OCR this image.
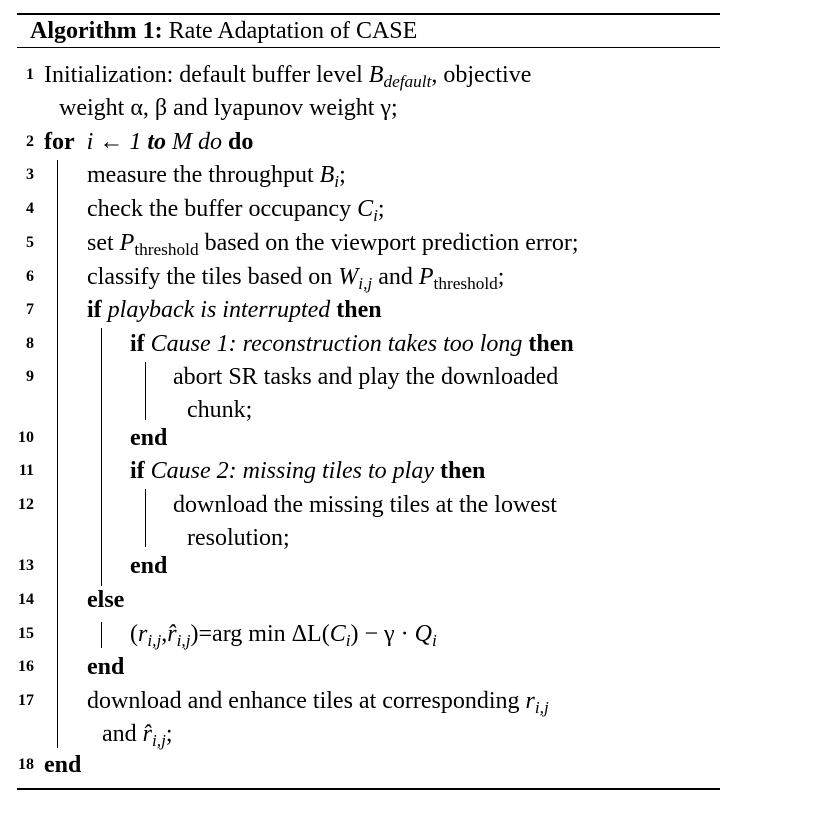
Algorithm 1: Rate Adaptation of CASE
1
2
3
4
5
6
7
8
9
10
11
12
13
14
15
16
17
18
Initialization: default buffer level $B_{default}$, objective
weight α, β and lyapunov weight γ;
for i ← 1 to M do do
measure the throughput $B_i$;
check the buffer occupancy $C_i$;
set $P_{threshold}$ based on the viewport prediction error;
classify the tiles based on $W_{i,j}$ and $P_{threshold}$;
if playback is interrupted then
if Cause 1: reconstruction takes too long then
abort SR tasks and play the downloaded
chunk;
end
if Cause 2: missing tiles to play then
download the missing tiles at the lowest
resolution;
end
else
$(r_{i,j},r̂_{i,j})=arg$ $\min \Delta L(C_i) - \gamma \cdot Q_i$
end
download and enhance tiles at corresponding $r_{i,j}$
and $r̂_{i,j}$;
end
